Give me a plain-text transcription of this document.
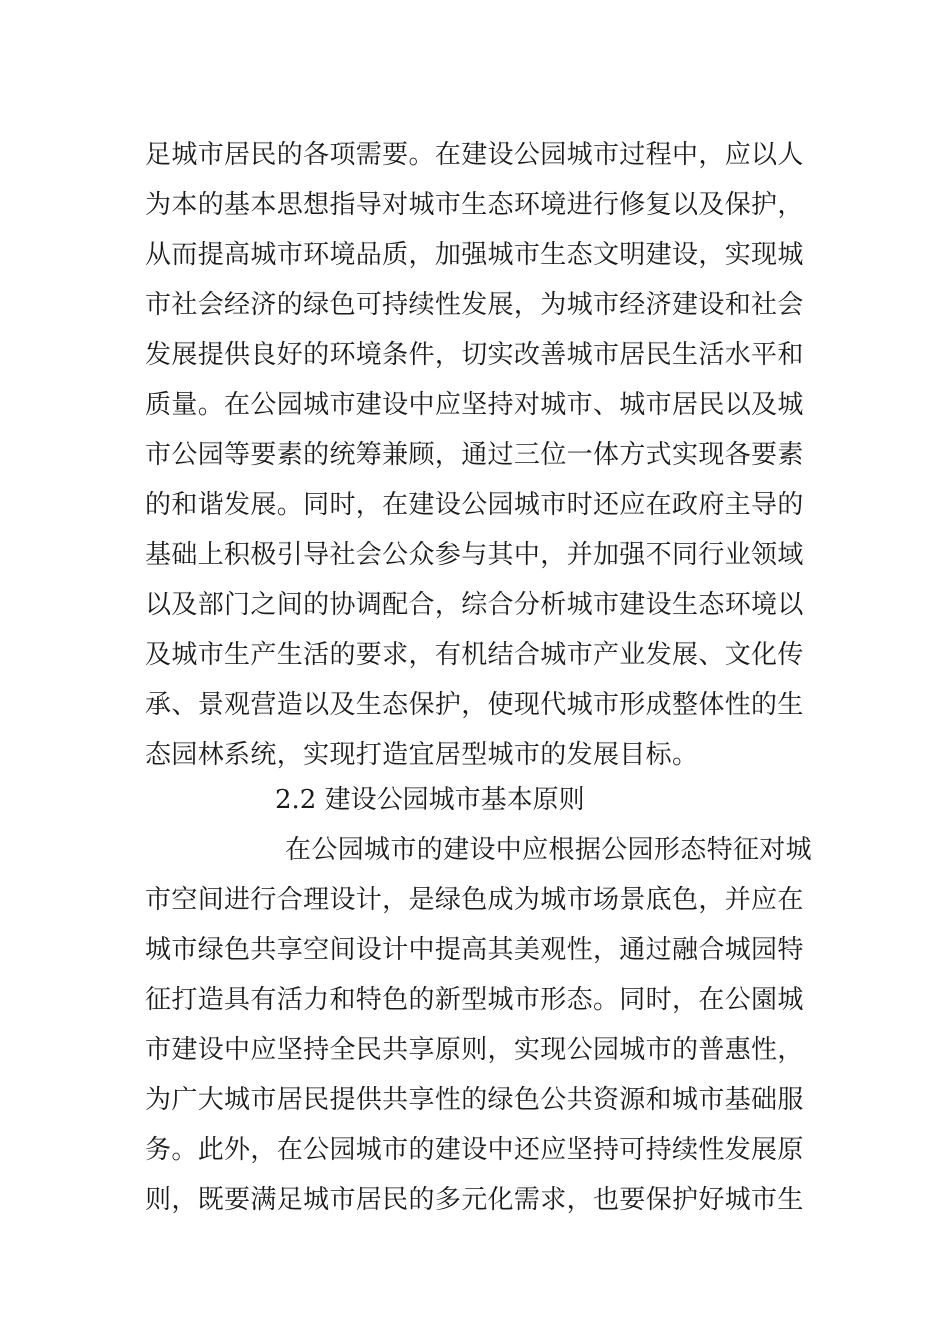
足城市居民的各项需要。在建设公园城市过程中，应以人
为本的基本思想指导对城市生态环境进行修复以及保护，
从而提高城市环境品质，加强城市生态文明建设，实现城
市社会经济的绿色可持续性发展，为城市经济建设和社会
发展提供良好的环境条件，切实改善城市居民生活水平和
质量。在公园城市建设中应坚持对城市、城市居民以及城
市公园等要素的统筹兼顾，通过三位一体方式实现各要素
的和谐发展。同时，在建设公园城市时还应在政府主导的
基础上积极引导社会公众参与其中，并加强不同行业领域
以及部门之间的协调配合，综合分析城市建设生态环境以
及城市生产生活的要求，有机结合城市产业发展、文化传
承、景观营造以及生态保护，使现代城市形成整体性的生
态园林系统，实现打造宜居型城市的发展目标。
2.2 建设公园城市基本原则
在公园城市的建设中应根据公园形态特征对城
市空间进行合理设计，是绿色成为城市场景底色，并应在
城市绿色共享空间设计中提高其美观性，通过融合城园特
征打造具有活力和特色的新型城市形态。同时，在公園城
市建设中应坚持全民共享原则，实现公园城市的普惠性，
为广大城市居民提供共享性的绿色公共资源和城市基础服
务。此外，在公园城市的建设中还应坚持可持续性发展原
则，既要满足城市居民的多元化需求，也要保护好城市生
